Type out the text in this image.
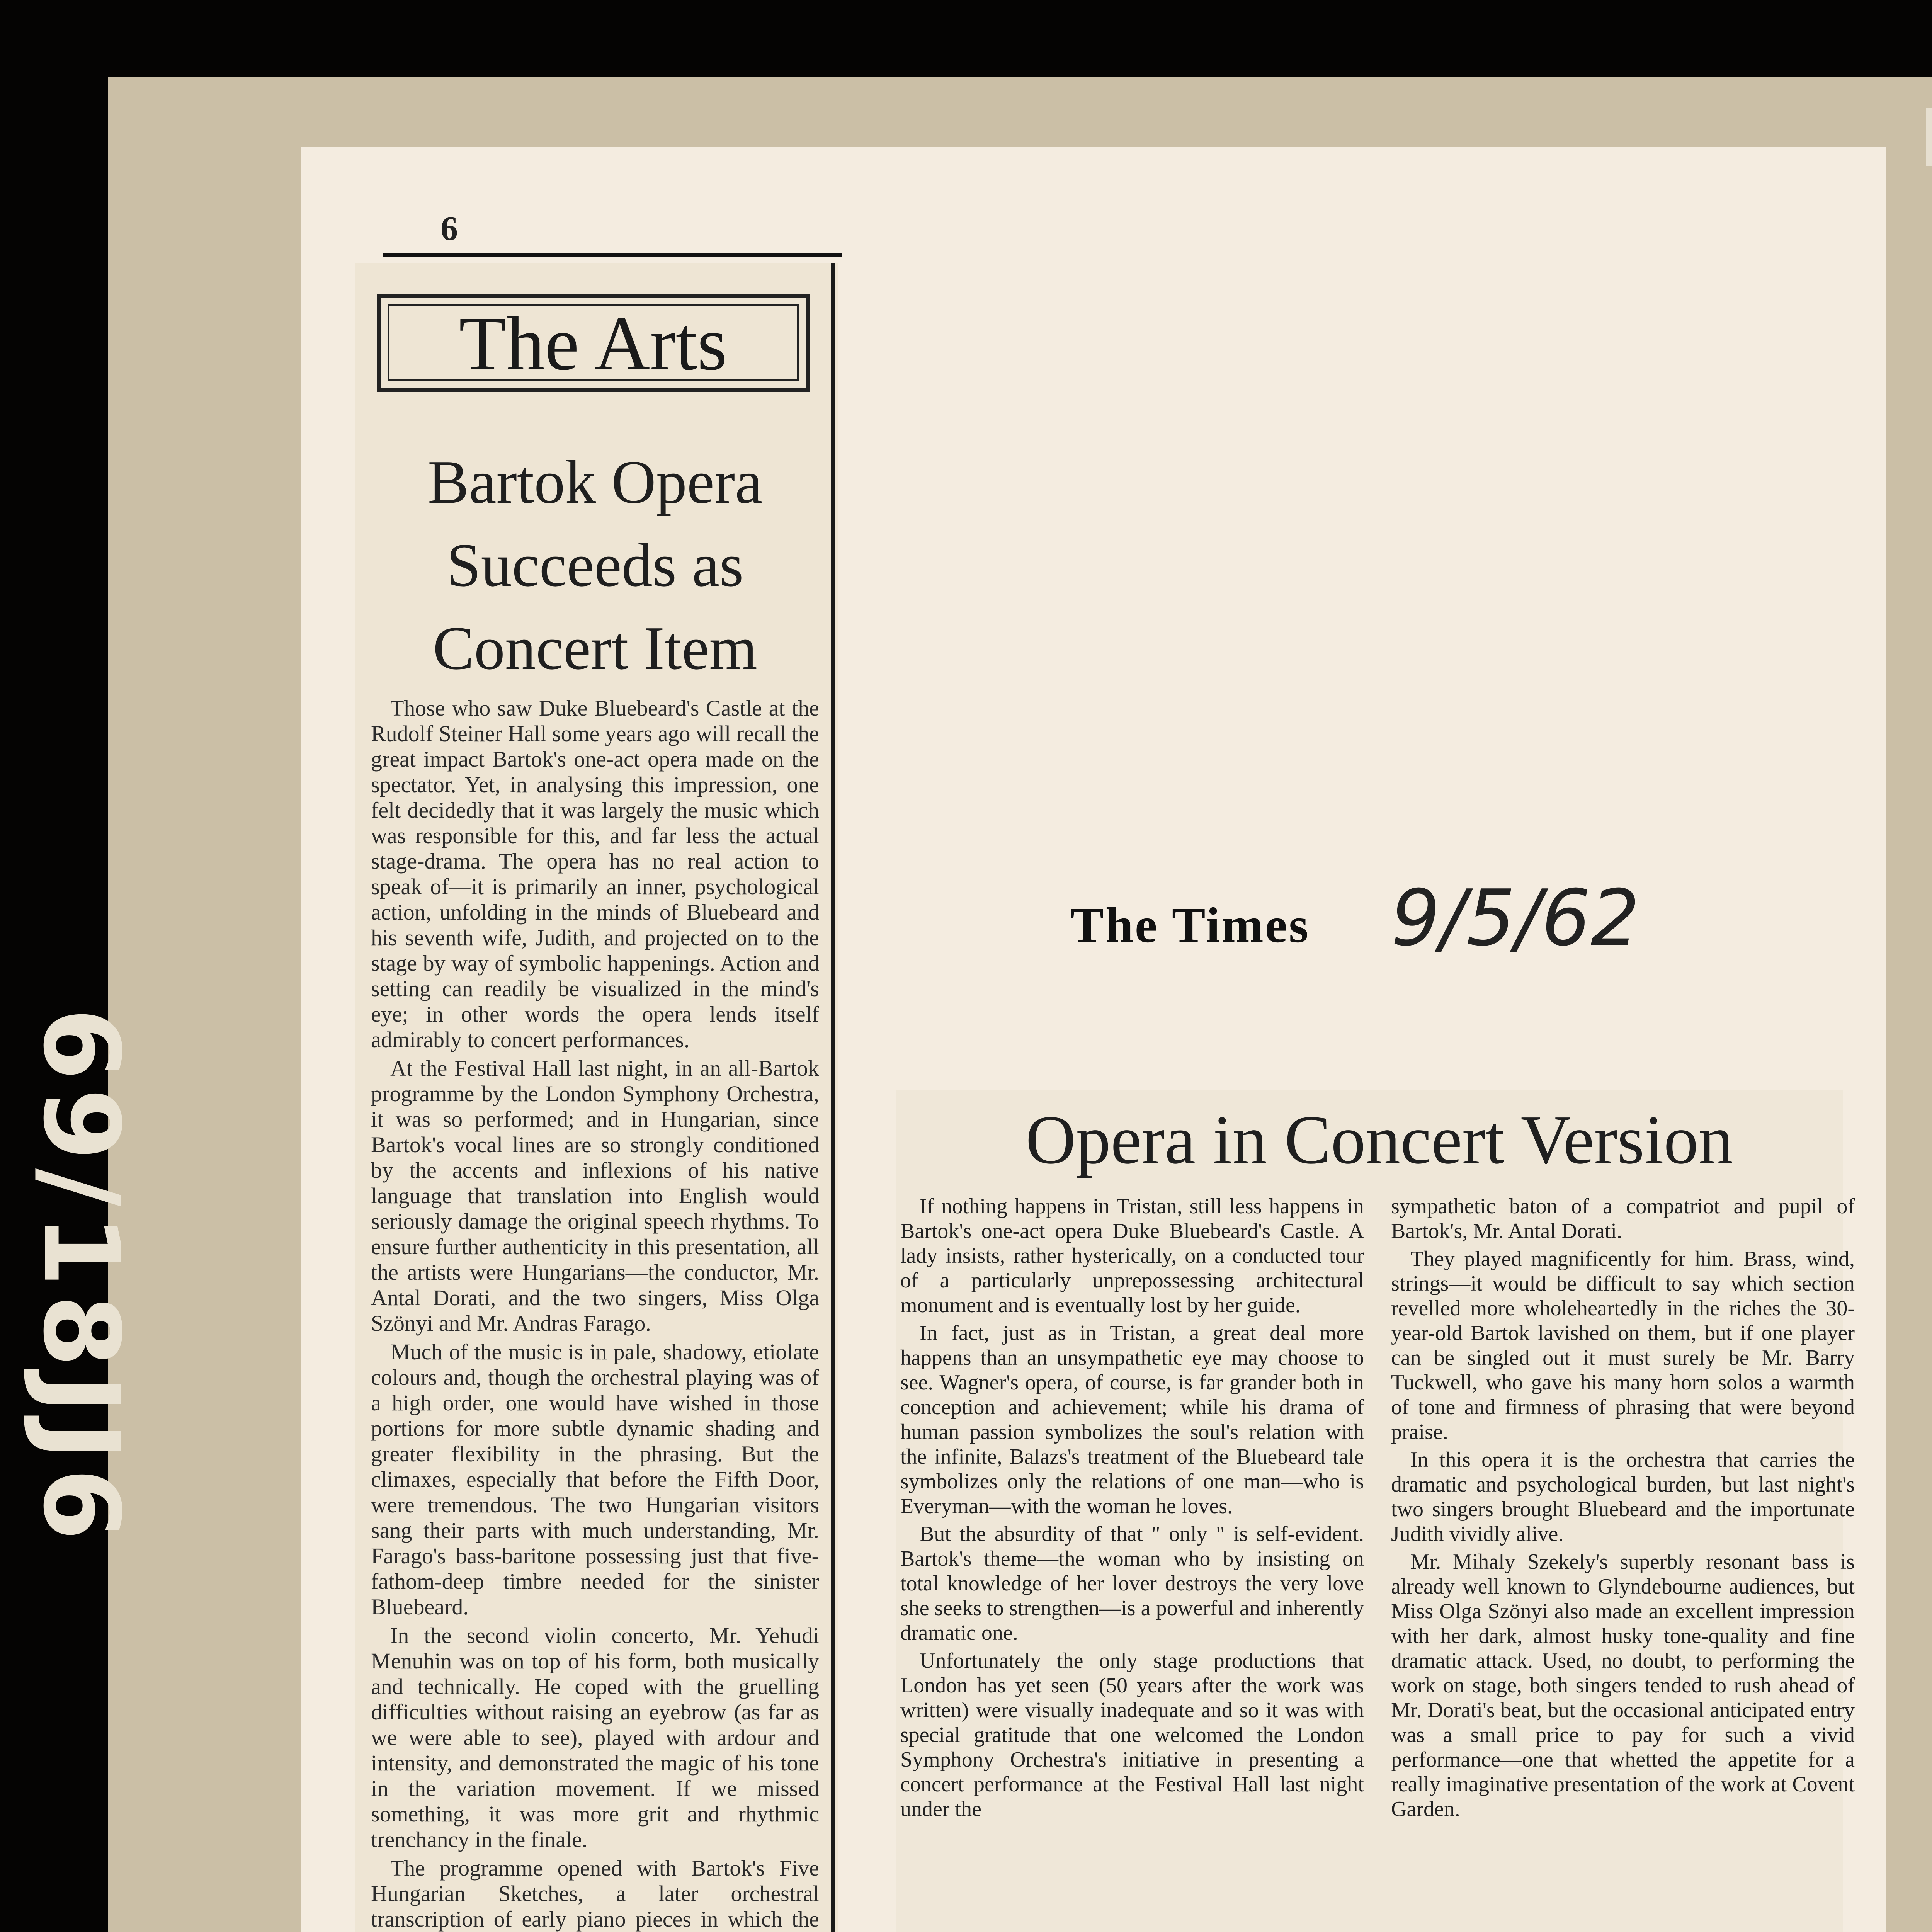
69/18JJ6
6
The Arts
Bartok Opera
Succeeds as
Concert Item

Those who saw Duke Bluebeard's Castle at the Rudolf Steiner Hall some years ago will recall the great impact Bartok's one-act opera made on the spectator. Yet, in analysing this impression, one felt decidedly that it was largely the music which was responsible for this, and far less the actual stage-drama. The opera has no real action to speak of—it is primarily an inner, psychological action, unfolding in the minds of Bluebeard and his seventh wife, Judith, and projected on to the stage by way of symbolic happenings. Action and setting can readily be visualized in the mind's eye; in other words the opera lends itself admirably to concert performances.

At the Festival Hall last night, in an all-Bartok programme by the London Symphony Orchestra, it was so performed; and in Hungarian, since Bartok's vocal lines are so strongly conditioned by the accents and inflexions of his native language that translation into English would seriously damage the original speech rhythms. To ensure further authenticity in this presentation, all the artists were Hungarians—the conductor, Mr. Antal Dorati, and the two singers, Miss Olga Szönyi and Mr. Andras Farago.

Much of the music is in pale, shadowy, etiolate colours and, though the orchestral playing was of a high order, one would have wished in those portions for more subtle dynamic shading and greater flexibility in the phrasing. But the climaxes, especially that before the Fifth Door, were tremendous. The two Hungarian visitors sang their parts with much understanding, Mr. Farago's bass-baritone possessing just that five-fathom-deep timbre needed for the sinister Bluebeard.

In the second violin concerto, Mr. Yehudi Menuhin was on top of his form, both musically and technically. He coped with the gruelling difficulties without raising an eyebrow (as far as we were able to see), played with ardour and intensity, and demonstrated the magic of his tone in the variation movement. If we missed something, it was more grit and rhythmic trenchancy in the finale.

The programme opened with Bartok's Five Hungarian Sketches, a later orchestral transcription of early piano pieces in which the

The Times 9/5/62
Opera in Concert Version

If nothing happens in Tristan, still less happens in Bartok's one-act opera Duke Bluebeard's Castle. A lady insists, rather hysterically, on a conducted tour of a particularly unprepossessing architectural monument and is eventually lost by her guide.

In fact, just as in Tristan, a great deal more happens than an unsympathetic eye may choose to see. Wagner's opera, of course, is far grander both in conception and achievement; while his drama of human passion symbolizes the soul's relation with the infinite, Balazs's treatment of the Bluebeard tale symbolizes only the relations of one man—who is Everyman—with the woman he loves.

But the absurdity of that " only " is self-evident. Bartok's theme—the woman who by insisting on total knowledge of her lover destroys the very love she seeks to strengthen—is a powerful and inherently dramatic one.

Unfortunately the only stage productions that London has yet seen (50 years after the work was written) were visually inadequate and so it was with special gratitude that one welcomed the London Symphony Orchestra's initiative in presenting a concert performance at the Festival Hall last night under the

sympathetic baton of a compatriot and pupil of Bartok's, Mr. Antal Dorati.

They played magnificently for him. Brass, wind, strings—it would be difficult to say which section revelled more wholeheartedly in the riches the 30-year-old Bartok lavished on them, but if one player can be singled out it must surely be Mr. Barry Tuckwell, who gave his many horn solos a warmth of tone and firmness of phrasing that were beyond praise.

In this opera it is the orchestra that carries the dramatic and psychological burden, but last night's two singers brought Bluebeard and the importunate Judith vividly alive.

Mr. Mihaly Szekely's superbly resonant bass is already well known to Glyndebourne audiences, but Miss Olga Szönyi also made an excellent impression with her dark, almost husky tone-quality and fine dramatic attack. Used, no doubt, to performing the work on stage, both singers tended to rush ahead of Mr. Dorati's beat, but the occasional anticipated entry was a small price to pay for such a vivid performance—one that whetted the appetite for a really imaginative presentation of the work at Covent Garden.
